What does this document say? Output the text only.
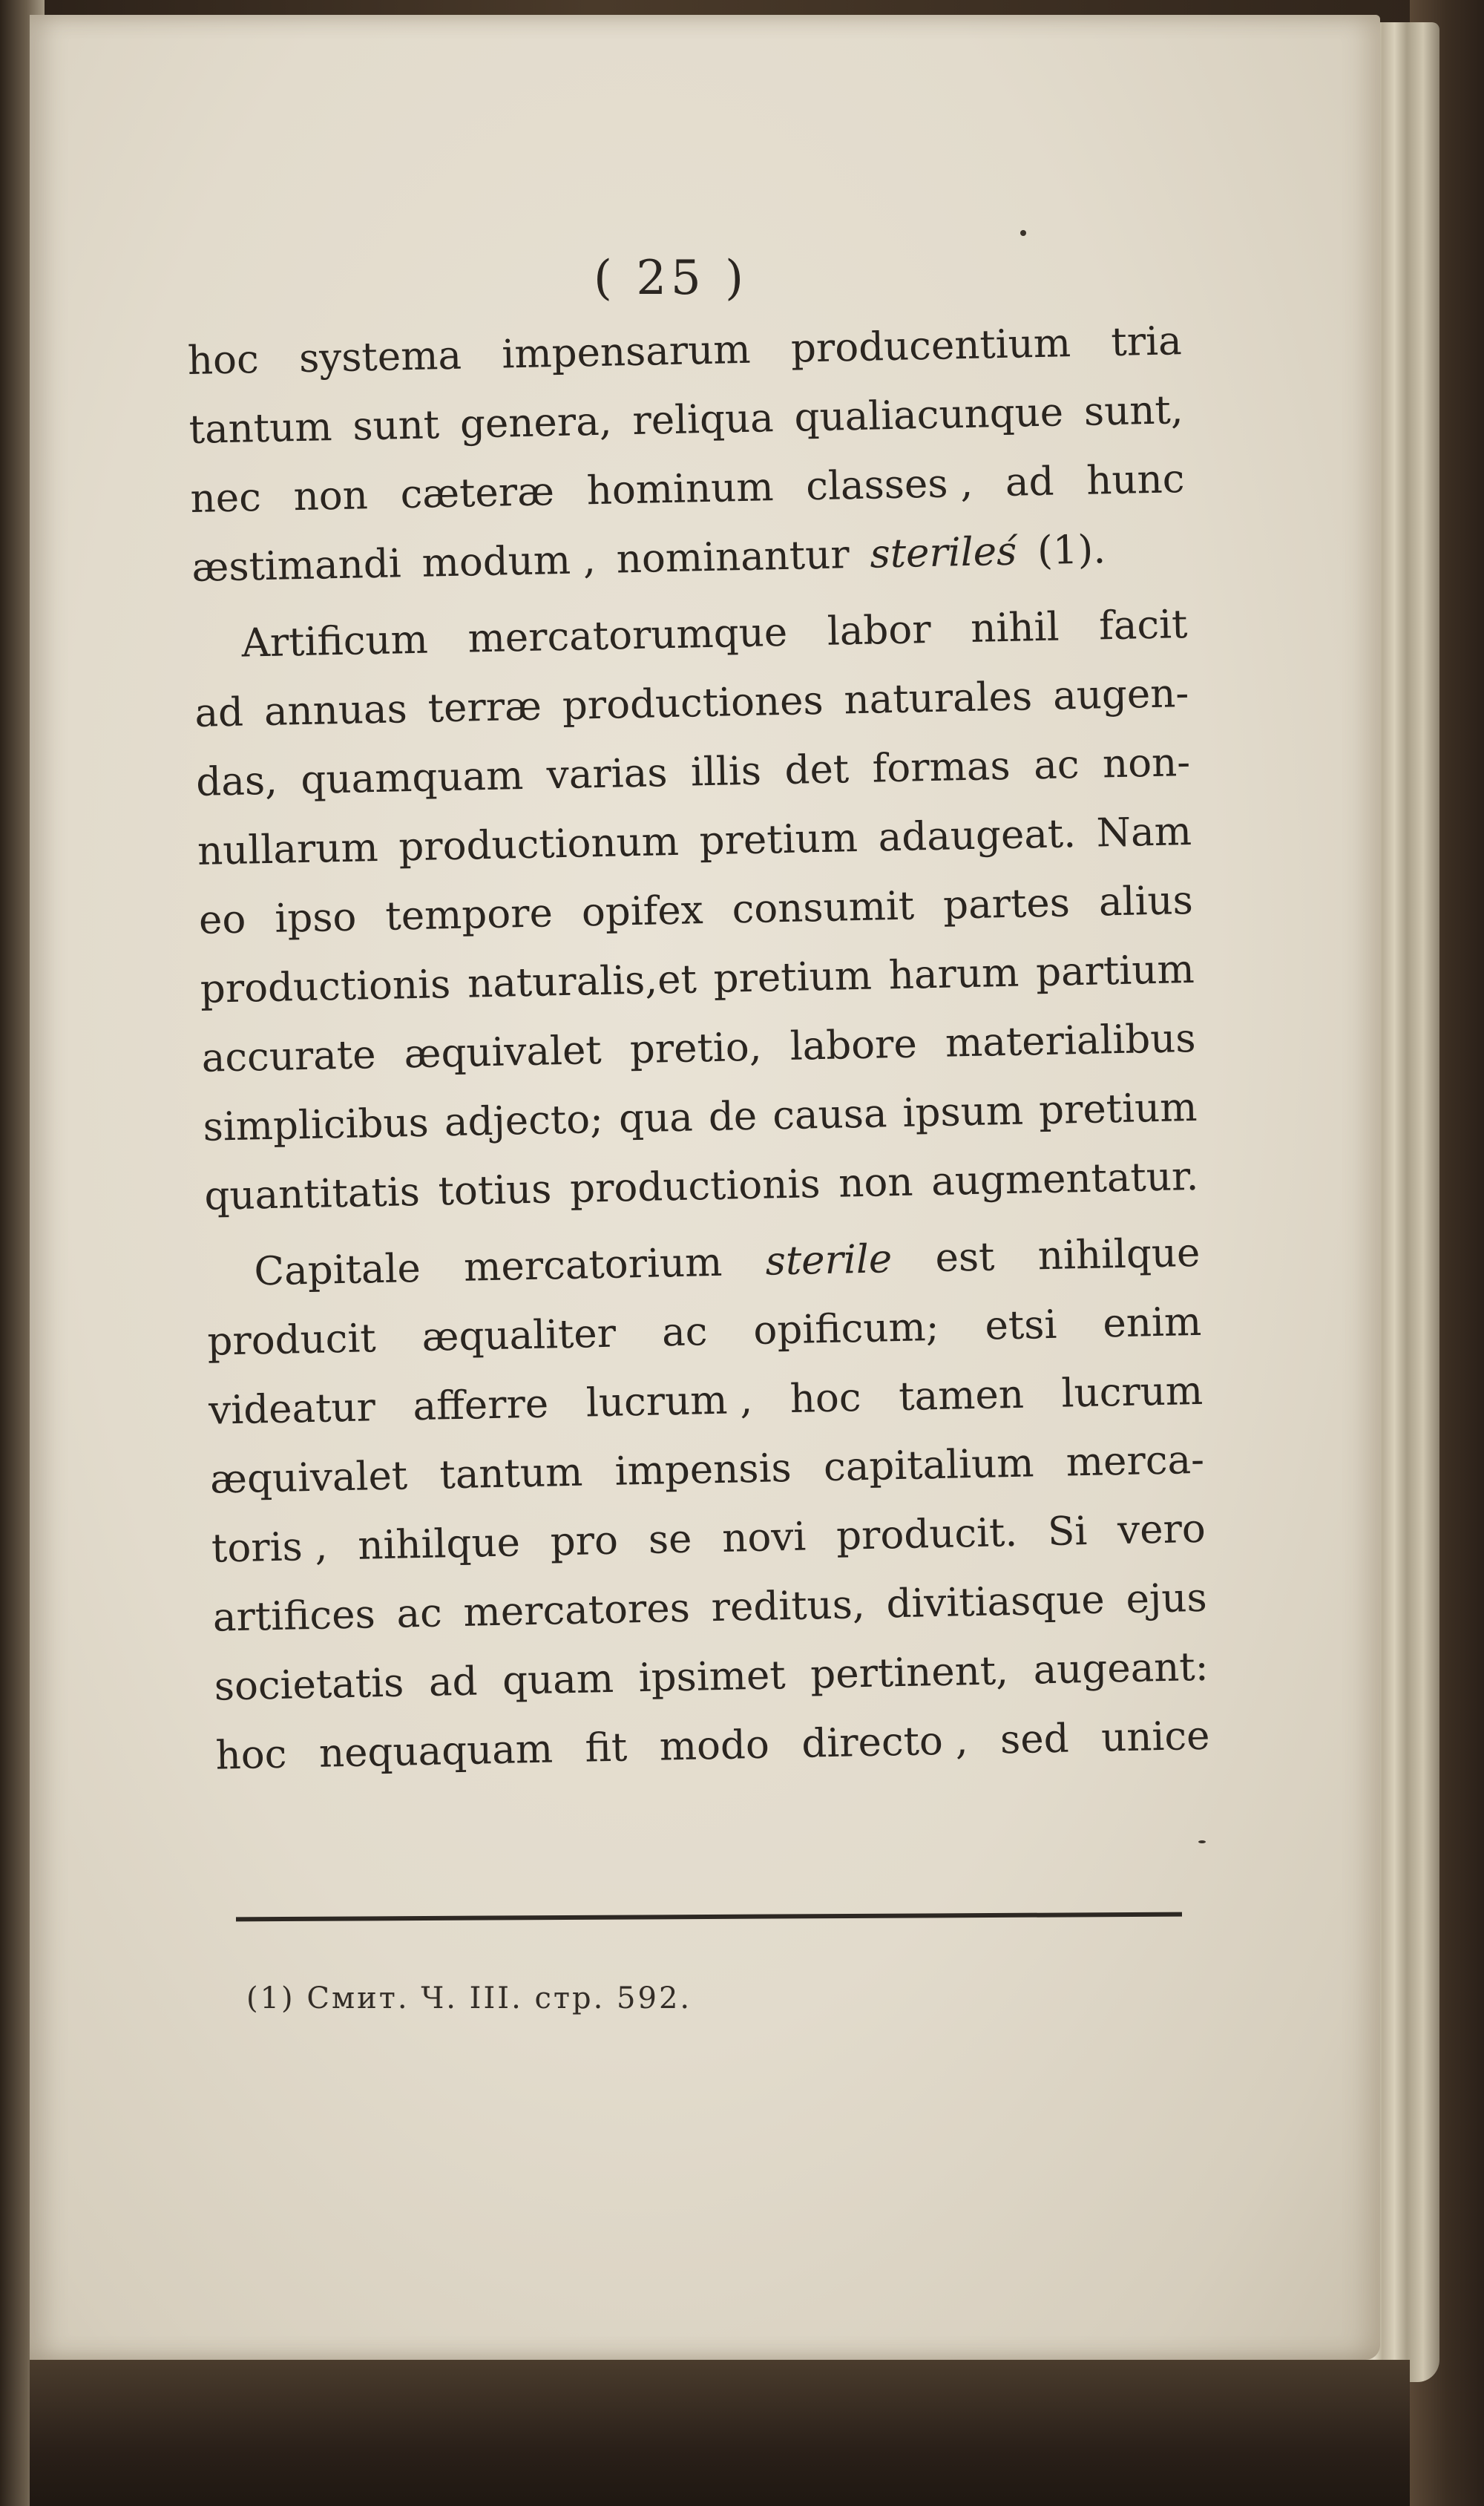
( 25 )
hoc systema impensarum producentium tria
tantum sunt genera, reliqua qualiacunque sunt,
nec non cæteræ hominum classes , ad hunc
æstimandi modum , nominantur sterileś (1).
Artificum mercatorumque labor nihil facit
ad annuas terræ productiones naturales augen-
das, quamquam varias illis det formas ac non-
nullarum productionum pretium adaugeat. Nam
eo ipso tempore opifex consumit partes alius
productionis naturalis,et pretium harum partium
accurate æquivalet pretio, labore materialibus
simplicibus adjecto; qua de causa ipsum pretium
quantitatis totius productionis non augmentatur.
Capitale mercatorium sterile est nihilque
producit æqualiter ac opificum; etsi enim
videatur afferre lucrum , hoc tamen lucrum
æquivalet tantum impensis capitalium merca-
toris , nihilque pro se novi producit. Si vero
artifices ac mercatores reditus, divitiasque ejus
societatis ad quam ipsimet pertinent, augeant:
hoc nequaquam fit modo directo , sed unice
(1) Смит. Ч. III. стр. 592.
